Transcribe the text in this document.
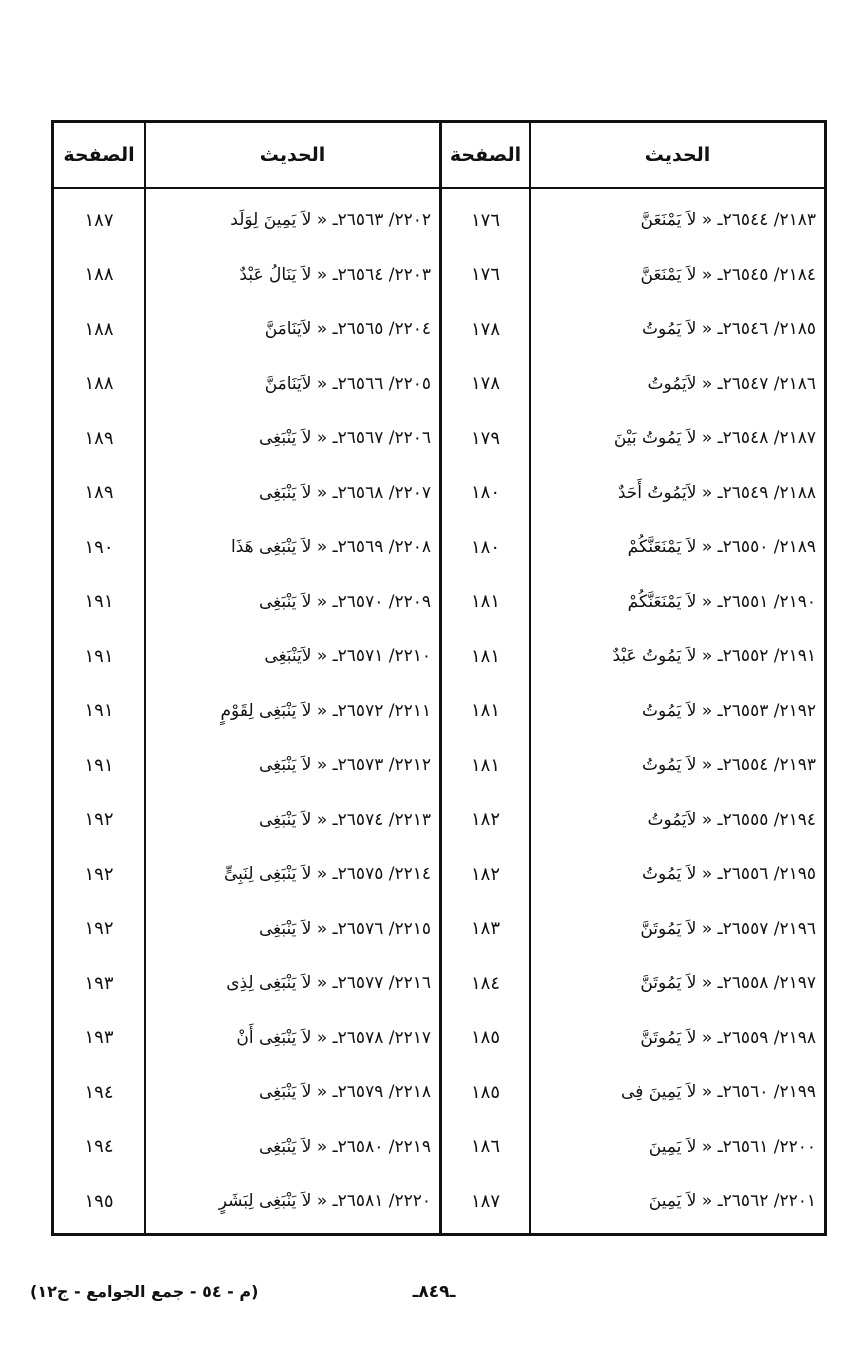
الحديث
٢١٨٣/ ٢٦٥٤٤ـ « لاَ يَمْنَعَنَّ
٢١٨٤/ ٢٦٥٤٥ـ « لاَ يَمْنَعَنَّ
٢١٨٥/ ٢٦٥٤٦ـ « لاَ يَمُوتُ
٢١٨٦/ ٢٦٥٤٧ـ « لاَيَمُوتُ
٢١٨٧/ ٢٦٥٤٨ـ « لاَ يَمُوتُ بَيْنَ
٢١٨٨/ ٢٦٥٤٩ـ « لاَيَمُوتُ أَحَدٌ
٢١٨٩/ ٢٦٥٥٠ـ « لاَ يَمْنَعَنَّكُمْ
٢١٩٠/ ٢٦٥٥١ـ « لاَ يَمْنَعَنَّكُمْ
٢١٩١/ ٢٦٥٥٢ـ « لاَ يَمُوتُ عَبْدٌ
٢١٩٢/ ٢٦٥٥٣ـ « لاَ يَمُوتُ
٢١٩٣/ ٢٦٥٥٤ـ « لاَ يَمُوتُ
٢١٩٤/ ٢٦٥٥٥ـ « لاَيَمُوتُ
٢١٩٥/ ٢٦٥٥٦ـ « لاَ يَمُوتُ
٢١٩٦/ ٢٦٥٥٧ـ « لاَ يَمُوتَنَّ
٢١٩٧/ ٢٦٥٥٨ـ « لاَ يَمُوتَنَّ
٢١٩٨/ ٢٦٥٥٩ـ « لاَ يَمُوتَنَّ
٢١٩٩/ ٢٦٥٦٠ـ « لاَ يَمِينَ فِى
٢٢٠٠/ ٢٦٥٦١ـ « لاَ يَمِينَ
٢٢٠١/ ٢٦٥٦٢ـ « لاَ يَمِينَ
الصفحة
١٧٦
١٧٦
١٧٨
١٧٨
١٧٩
١٨٠
١٨٠
١٨١
١٨١
١٨١
١٨١
١٨٢
١٨٢
١٨٣
١٨٤
١٨٥
١٨٥
١٨٦
١٨٧
الحديث
٢٢٠٢/ ٢٦٥٦٣ـ « لاَ يَمِينَ لِوَلَد
٢٢٠٣/ ٢٦٥٦٤ـ « لاَ يَنَالُ عَبْدٌ
٢٢٠٤/ ٢٦٥٦٥ـ « لاَيَنَامَنَّ
٢٢٠٥/ ٢٦٥٦٦ـ « لاَيَنَامَنَّ
٢٢٠٦/ ٢٦٥٦٧ـ « لاَ يَنْبَغِى
٢٢٠٧/ ٢٦٥٦٨ـ « لاَ يَنْبَغِى
٢٢٠٨/ ٢٦٥٦٩ـ « لاَ يَنْبَغِى هَذَا
٢٢٠٩/ ٢٦٥٧٠ـ « لاَ يَنْبَغِى
٢٢١٠/ ٢٦٥٧١ـ « لاَيَنْبَغِى
٢٢١١/ ٢٦٥٧٢ـ « لاَ يَنْبَغِى لِقَوْمٍ
٢٢١٢/ ٢٦٥٧٣ـ « لاَ يَنْبَغِى
٢٢١٣/ ٢٦٥٧٤ـ « لاَ يَنْبَغِى
٢٢١٤/ ٢٦٥٧٥ـ « لاَ يَنْبَغِى لِنَبِىٍّ
٢٢١٥/ ٢٦٥٧٦ـ « لاَ يَنْبَغِى
٢٢١٦/ ٢٦٥٧٧ـ « لاَ يَنْبَغِى لِذِى
٢٢١٧/ ٢٦٥٧٨ـ « لاَ يَنْبَغِى أَنْ
٢٢١٨/ ٢٦٥٧٩ـ « لاَ يَنْبَغِى
٢٢١٩/ ٢٦٥٨٠ـ « لاَ يَنْبَغِى
٢٢٢٠/ ٢٦٥٨١ـ « لاَ يَنْبَغِى لِبَشَرٍ
الصفحة
١٨٧
١٨٨
١٨٨
١٨٨
١٨٩
١٨٩
١٩٠
١٩١
١٩١
١٩١
١٩١
١٩٢
١٩٢
١٩٢
١٩٣
١٩٣
١٩٤
١٩٤
١٩٥
ـ٨٤٩ـ
(م - ٥٤ - جمع الجوامع - ج١٢)
